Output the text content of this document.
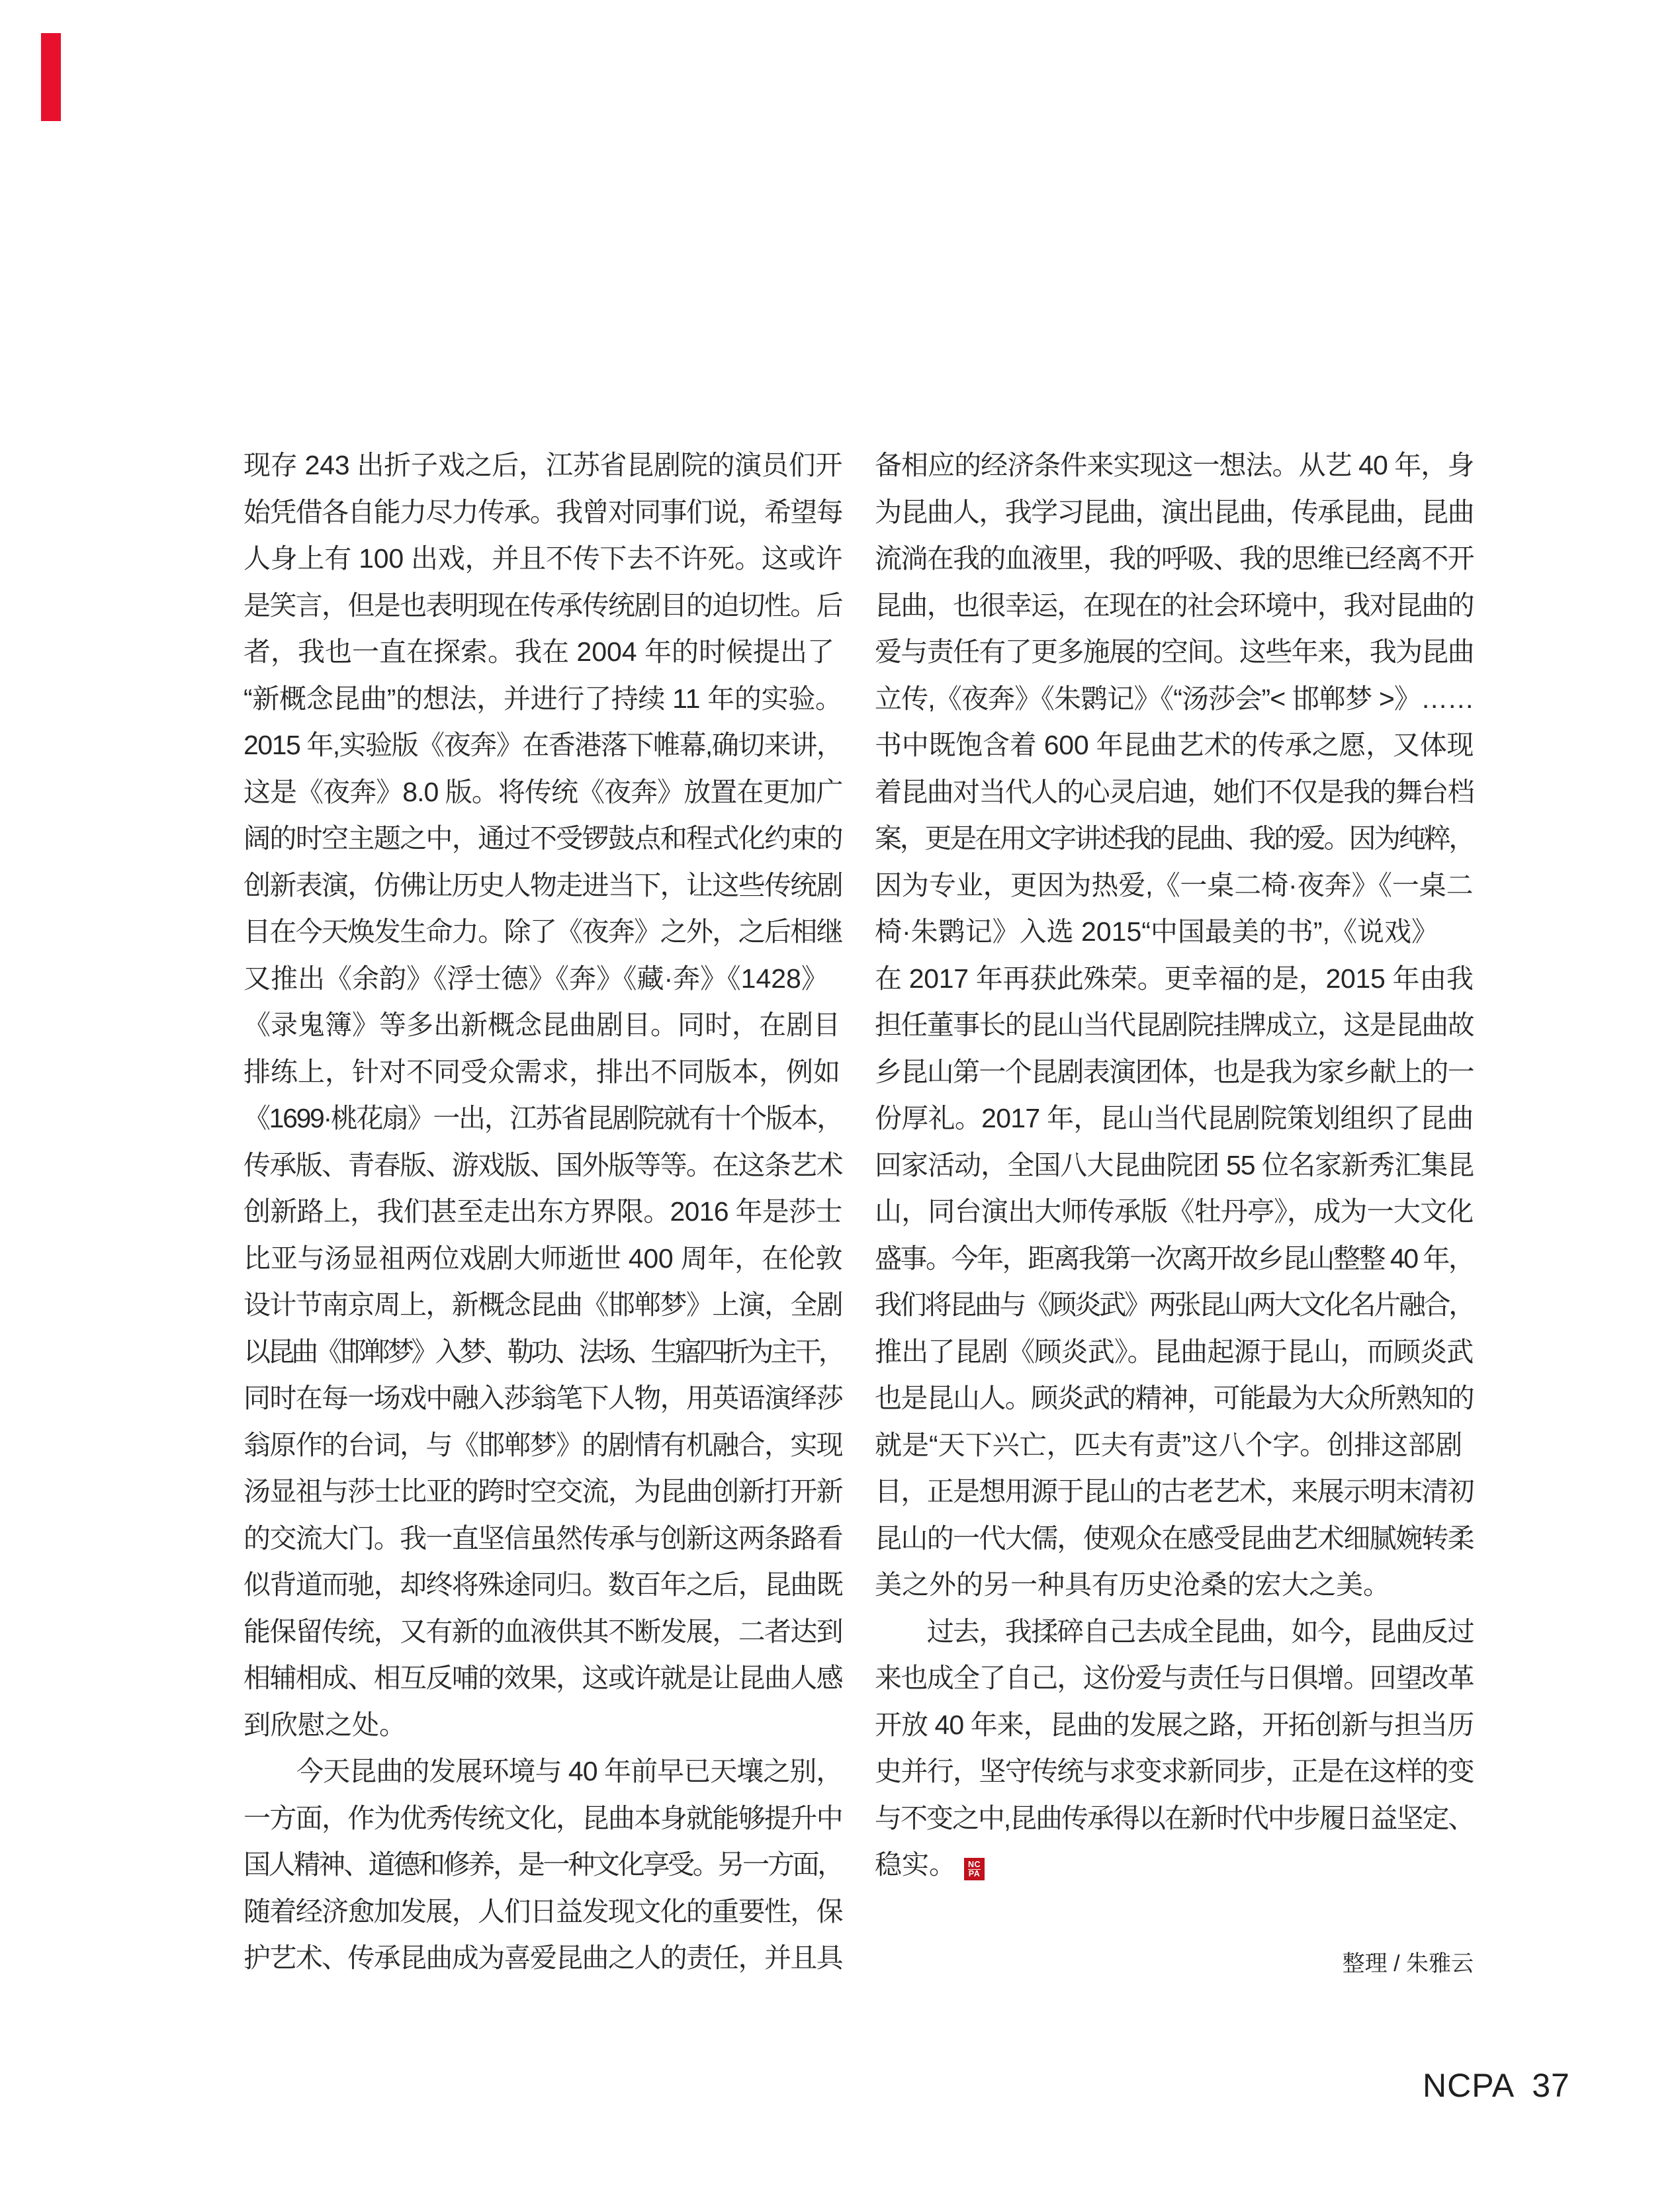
现存 243 出折子戏之后，江苏省昆剧院的演员们开
始凭借各自能力尽力传承。我曾对同事们说，希望每
人身上有 100 出戏，并且不传下去不许死。这或许
是笑言，但是也表明现在传承传统剧目的迫切性。后
者，我也一直在探索。我在 2004 年的时候提出了
“新概念昆曲”的想法，并进行了持续 11 年的实验。
2015 年,实验版《夜奔》在香港落下帷幕,确切来讲，
这是《夜奔》8.0 版。将传统《夜奔》放置在更加广
阔的时空主题之中，通过不受锣鼓点和程式化约束的
创新表演，仿佛让历史人物走进当下，让这些传统剧
目在今天焕发生命力。除了《夜奔》之外，之后相继
又推出《余韵》《浮士德》《奔》《藏·奔》《1428》
《录鬼簿》等多出新概念昆曲剧目。同时，在剧目
排练上，针对不同受众需求，排出不同版本，例如
《1699·桃花扇》一出，江苏省昆剧院就有十个版本，
传承版、青春版、游戏版、国外版等等。在这条艺术
创新路上，我们甚至走出东方界限。2016 年是莎士
比亚与汤显祖两位戏剧大师逝世 400 周年，在伦敦
设计节南京周上，新概念昆曲《邯郸梦》上演，全剧
以昆曲《邯郸梦》入梦、勒功、法场、生寤四折为主干，
同时在每一场戏中融入莎翁笔下人物，用英语演绎莎
翁原作的台词，与《邯郸梦》的剧情有机融合，实现
汤显祖与莎士比亚的跨时空交流，为昆曲创新打开新
的交流大门。我一直坚信虽然传承与创新这两条路看
似背道而驰，却终将殊途同归。数百年之后，昆曲既
能保留传统，又有新的血液供其不断发展，二者达到
相辅相成、相互反哺的效果，这或许就是让昆曲人感
到欣慰之处。
　　今天昆曲的发展环境与 40 年前早已天壤之别，
一方面，作为优秀传统文化，昆曲本身就能够提升中
国人精神、道德和修养，是一种文化享受。另一方面，
随着经济愈加发展，人们日益发现文化的重要性，保
护艺术、传承昆曲成为喜爱昆曲之人的责任，并且具
备相应的经济条件来实现这一想法。从艺 40 年，身
为昆曲人，我学习昆曲，演出昆曲，传承昆曲，昆曲
流淌在我的血液里，我的呼吸、我的思维已经离不开
昆曲，也很幸运，在现在的社会环境中，我对昆曲的
爱与责任有了更多施展的空间。这些年来，我为昆曲
立传,《夜奔》《朱鹮记》《“汤莎会”< 邯郸梦 >》……
书中既饱含着 600 年昆曲艺术的传承之愿，又体现
着昆曲对当代人的心灵启迪，她们不仅是我的舞台档
案，更是在用文字讲述我的昆曲、我的爱。因为纯粹，
因为专业，更因为热爱,《一桌二椅·夜奔》《一桌二
椅·朱鹮记》入选 2015“中国最美的书”,《说戏》
在 2017 年再获此殊荣。更幸福的是，2015 年由我
担任董事长的昆山当代昆剧院挂牌成立，这是昆曲故
乡昆山第一个昆剧表演团体，也是我为家乡献上的一
份厚礼。2017 年，昆山当代昆剧院策划组织了昆曲
回家活动，全国八大昆曲院团 55 位名家新秀汇集昆
山，同台演出大师传承版《牡丹亭》，成为一大文化
盛事。今年，距离我第一次离开故乡昆山整整 40 年，
我们将昆曲与《顾炎武》两张昆山两大文化名片融合，
推出了昆剧《顾炎武》。昆曲起源于昆山，而顾炎武
也是昆山人。顾炎武的精神，可能最为大众所熟知的
就是“天下兴亡，匹夫有责”这八个字。创排这部剧
目，正是想用源于昆山的古老艺术，来展示明末清初
昆山的一代大儒，使观众在感受昆曲艺术细腻婉转柔
美之外的另一种具有历史沧桑的宏大之美。
　　过去，我揉碎自己去成全昆曲，如今，昆曲反过
来也成全了自己，这份爱与责任与日俱增。回望改革
开放 40 年来，昆曲的发展之路，开拓创新与担当历
史并行，坚守传统与求变求新同步，正是在这样的变
与不变之中,昆曲传承得以在新时代中步履日益坚定、
稳实。	NC
PA
整理 / 朱雅云
NCPA 37
